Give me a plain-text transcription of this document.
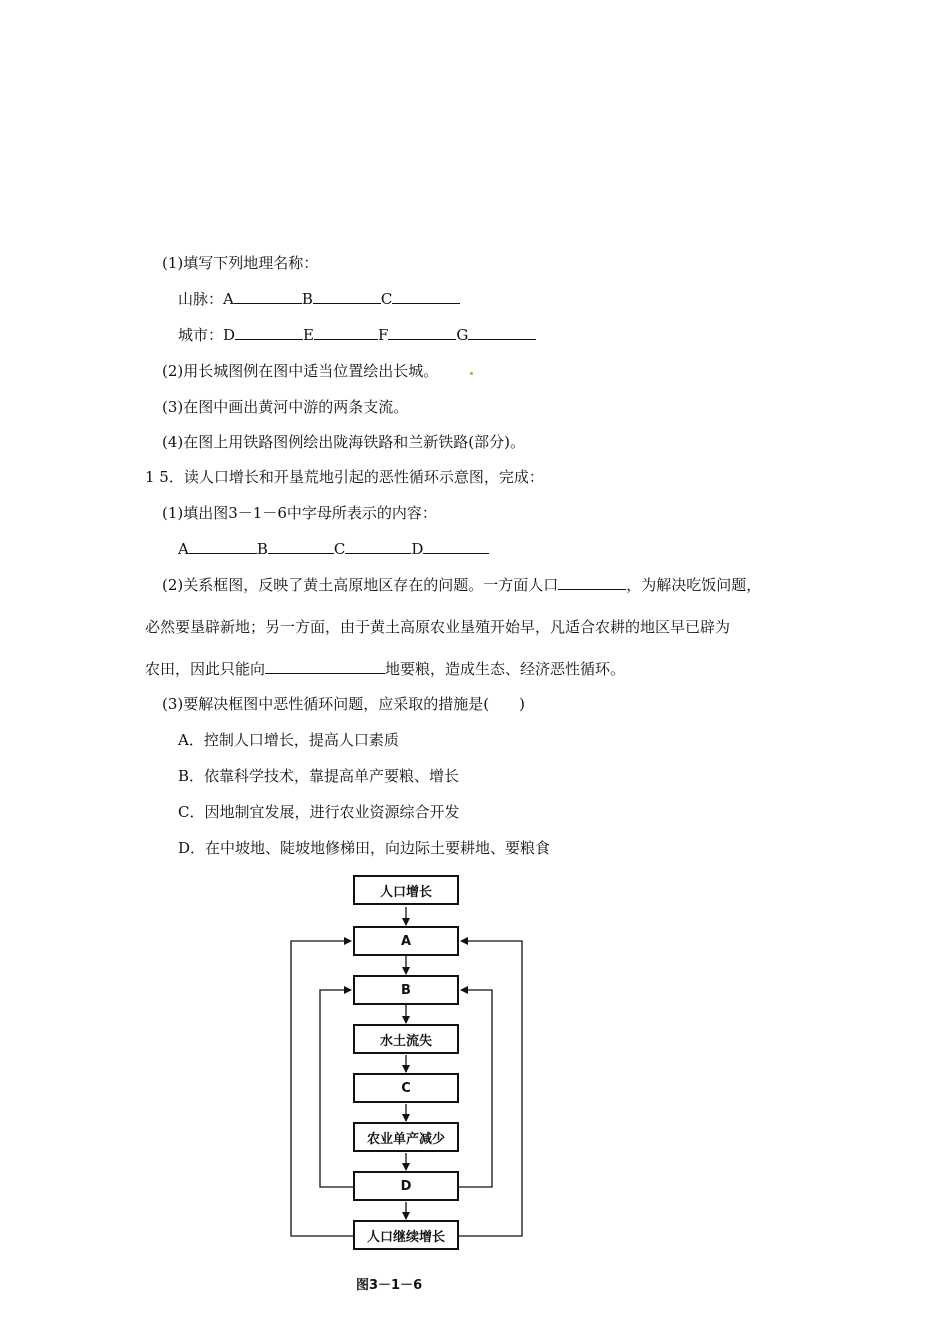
(1)填写下列地理名称：
山脉：A	B	C
城市：D	E	F	G
(2)用长城图例在图中适当位置绘出长城。
(3)在图中画出黄河中游的两条支流。
(4)在图上用铁路图例绘出陇海铁路和兰新铁路(部分)。
1 5．读人口增长和开垦荒地引起的恶性循环示意图，完成：
(1)填出图3－1－6中字母所表示的内容：
A	B	C	D
(2)关系框图，反映了黄土高原地区存在的问题。一方面人口	，为解决吃饭问题，
必然要垦辟新地；另一方面，由于黄土高原农业垦殖开始早，凡适合农耕的地区早已辟为
农田，因此只能向	地要粮，造成生态、经济恶性循环。
(3)要解决框图中恶性循环问题，应采取的措施是(　　)
A．控制人口增长，提高人口素质
B．依靠科学技术，靠提高单产要粮、增长
C．因地制宜发展，进行农业资源综合开发
D．在中坡地、陡坡地修梯田，向边际土要耕地、要粮食
人口增长
A
B
水土流失
C
农业单产减少
D
人口继续增长
图3－1－6
